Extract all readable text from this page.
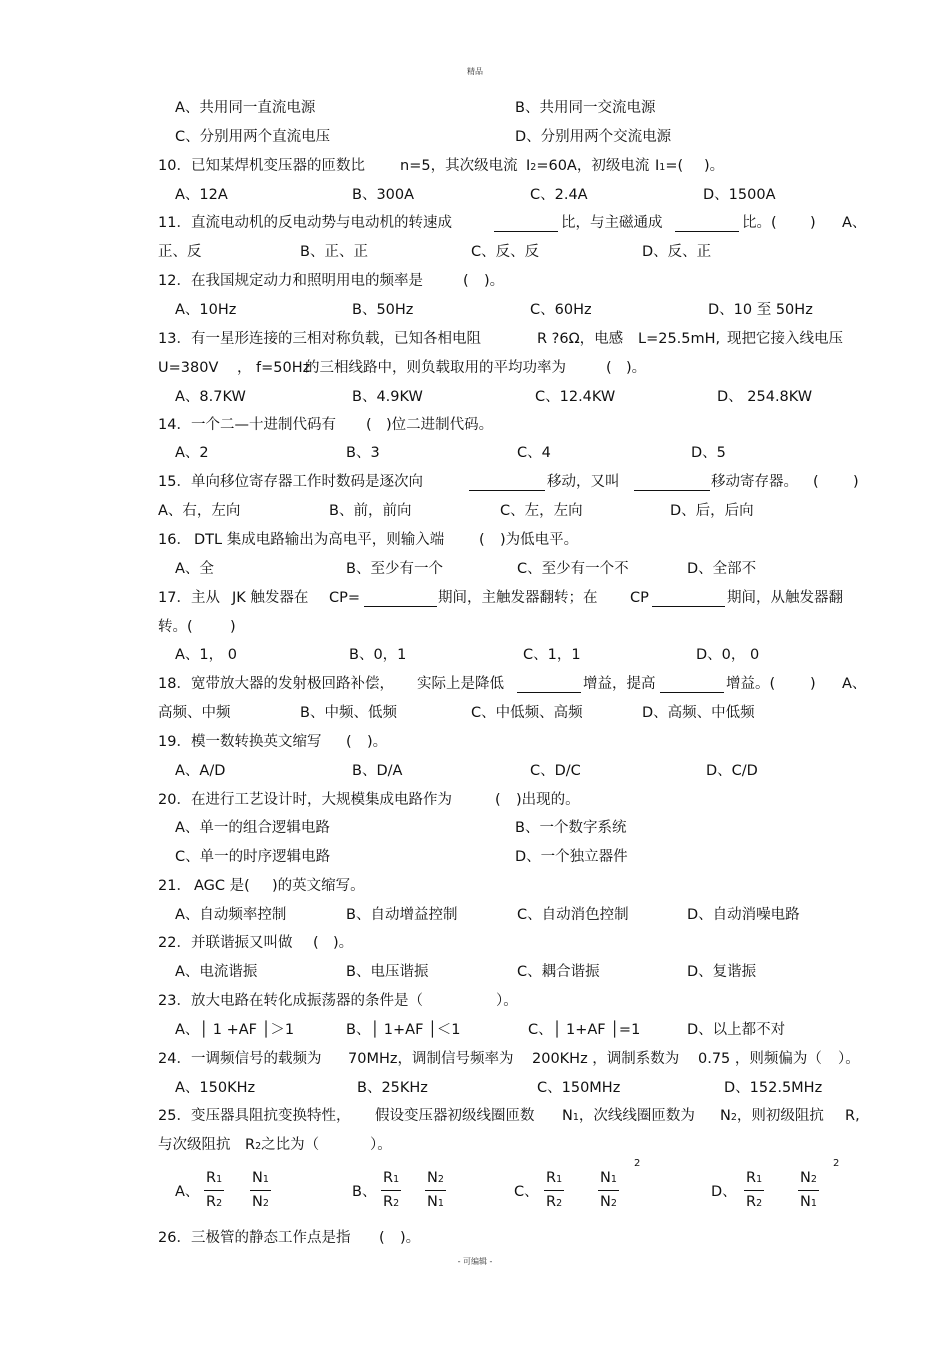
精品
A、共用同一直流电源	B、共用同一交流电源
C、分别用两个直流电压	D、分别用两个交流电源
10．已知某焊机变压器的匝数比 n=5，其次级电流 I2=60A，初级电流 I1=( )。
A、12A	B、300A	C、2.4A	D、1500A
11．直流电动机的反电动势与电动机的转速成	比，与主磁通成	比。( ) A、
正、反	B、正、正	C、反、反	D、反、正
12．在我国规定动力和照明用电的频率是	( )。
A、10Hz	B、50Hz	C、60Hz	D、10 至 50Hz
13．有一星形连接的三相对称负载，已知各相电阻	R ?6Ω，电感 L=25.5mH, 现把它接入线电压
U=380V ， f=50Hz
的三相线路中，则负载取用的平均功率为	( )。
A、8.7KW	B、4.9KW	C、12.4KW	D、 254.8KW
14．一个二—十进制代码有 ( )位二进制代码。
A、2	B、3	C、4	D、5
15．单向移位寄存器工作时数码是逐次向	移动，又叫	移动寄存器。 ( )
A、右，左向	B、前，前向	C、左，左向	D、后，后向
16． DTL 集成电路输出为高电平，则输入端 ( )为低电平。
A、全	B、至少有一个	C、至少有一个不	D、全部不
17．主从 JK 触发器在 CP=	期间，主触发器翻转；在 CP	期间，从触发器翻
转。(	)
A、1， 0	B、0，1	C、1，1	D、0， 0
18．宽带放大器的发射极回路补偿， 实际上是降低	增益，提高	增益。( ) A、
高频、中频	B、中频、低频	C、中低频、高频	D、高频、中低频
19．模一数转换英文缩写 ( )。
A、A/D	B、D/A	C、D/C	D、C/D
20．在进行工艺设计时，大规模集成电路作为	( )出现的。
A、单一的组合逻辑电路	B、一个数字系统
C、单一的时序逻辑电路	D、一个独立器件
21． AGC 是( )的英文缩写。
A、自动频率控制	B、自动增益控制	C、自动消色控制	D、自动消噪电路
22．并联谐振又叫做 ( )。
A、电流谐振	B、电压谐振	C、耦合谐振	D、复谐振
23．放大电路在转化成振荡器的条件是（	）。
A、│ 1 +AF │＞1	B、│ 1+AF │＜1	C、│ 1+AF │=1	D、以上都不对
24．一调频信号的载频为 70MHz，调制信号频率为 200KHz ，调制系数为 0.75 ，则频偏为（ ）。
A、150KHz	B、25KHz	C、150MHz	D、152.5MHz
25．变压器具阻抗变换特性， 假设变压器初级线圈匝数 N1，次线线圈匝数为 N2，则初级阻抗 R,
与次级阻抗 R2之比为（	）。
A、 $\frac{R1}{R2} \frac{N1}{N2}$	B、 $\frac{R1}{R2} \frac{N2}{N1}$	C、 $\frac{R1}{R2} \frac{N1}{N2}$
2
D、 $\frac{R1}{R2} \frac{N2}{N1}$
2
26．三极管的静态工作点是指 ( )。
- 可编辑 -
